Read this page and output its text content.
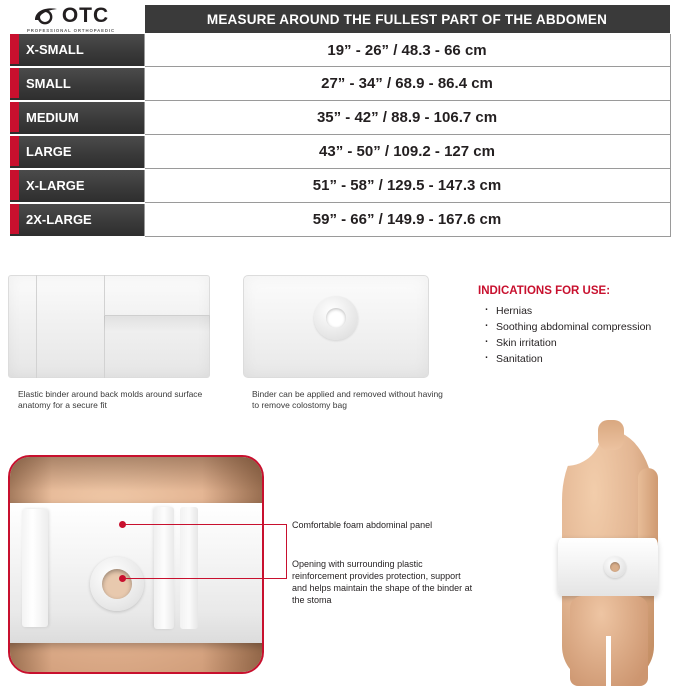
	MEASURE AROUND THE FULLEST PART OF THE ABDOMEN
X-SMALL	19” - 26” / 48.3 - 66 cm
SMALL	27” - 34” / 68.9 - 86.4 cm
MEDIUM	35” - 42” / 88.9 - 106.7 cm
LARGE	43” - 50” / 109.2 - 127 cm
X-LARGE	51” - 58” / 129.5 - 147.3 cm
2X-LARGE	59” - 66” / 149.9 - 167.6 cm
OTC
PROFESSIONAL ORTHOPAEDIC
Elastic binder around back molds around surface anatomy for a secure fit
Binder can be applied and removed without having to remove colostomy bag
INDICATIONS FOR USE:
· Hernias
· Soothing abdominal compression
· Skin irritation
· Sanitation
Comfortable foam abdominal panel
Opening with surrounding plastic reinforcement provides protection, support and helps maintain the shape of the binder at the stoma
